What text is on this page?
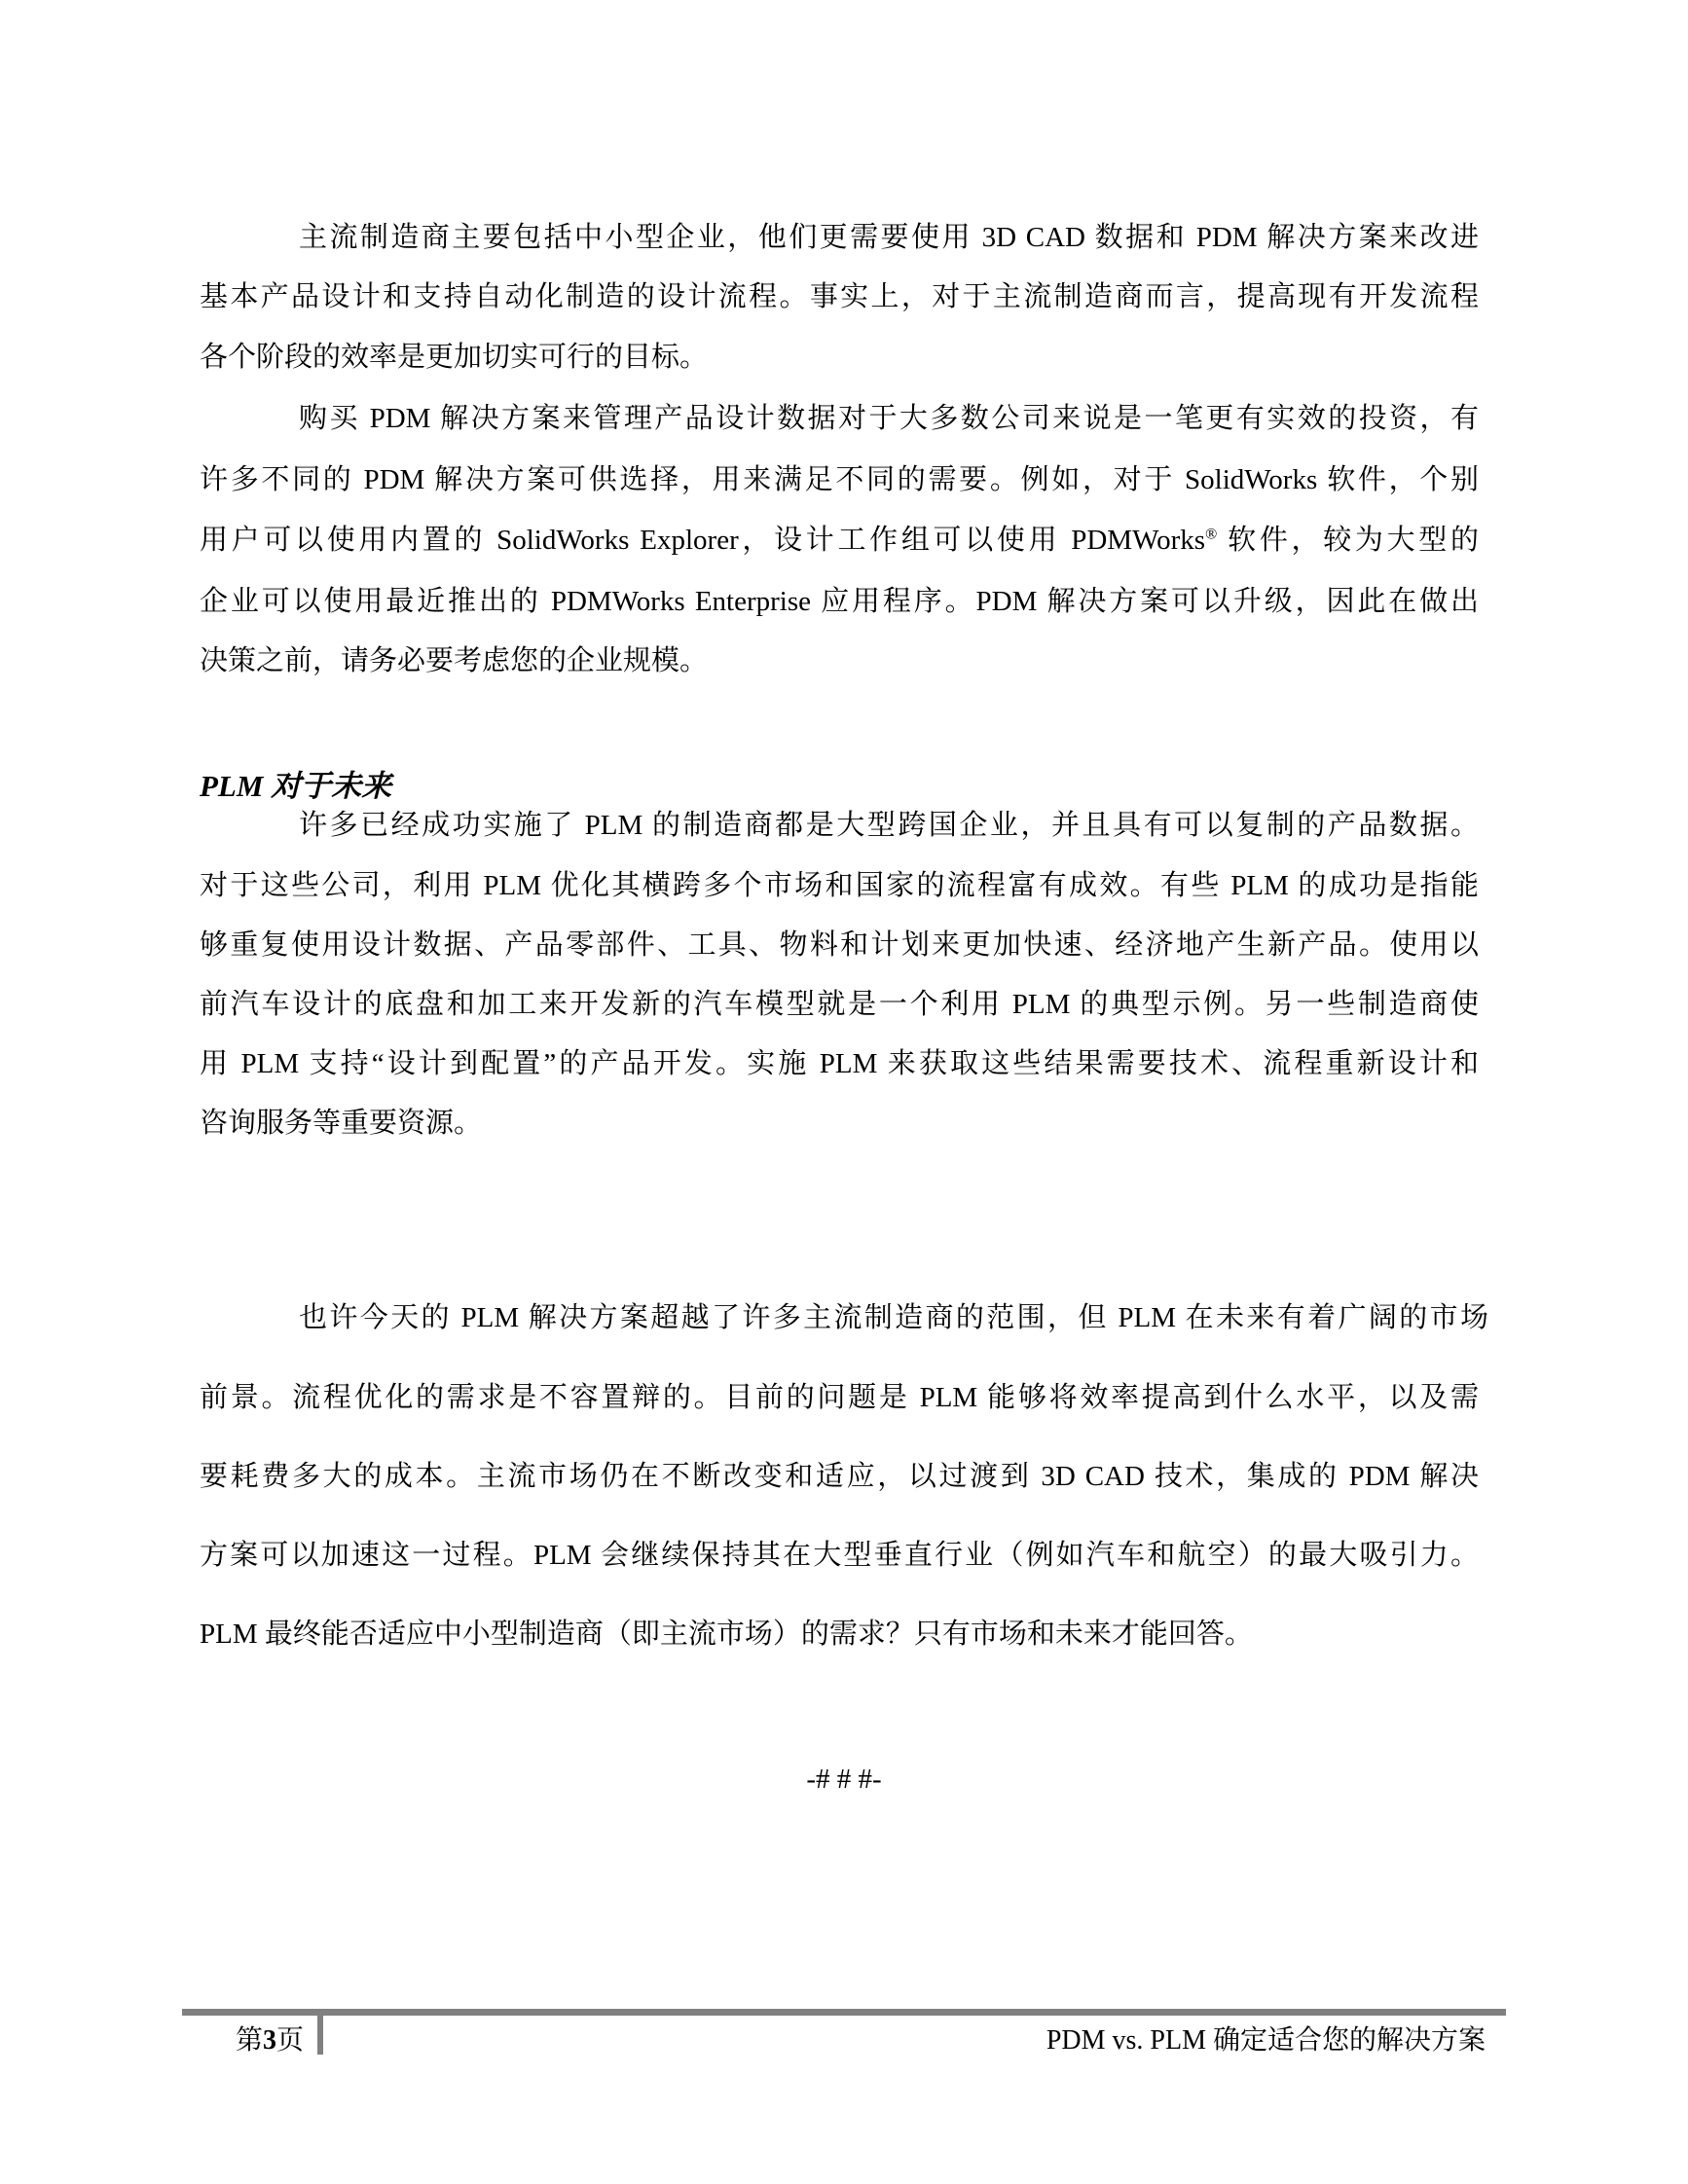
主流制造商主要包括中小型企业，他们更需要使用 3D CAD 数据和 PDM 解决方案来改进
基本产品设计和支持自动化制造的设计流程。事实上，对于主流制造商而言，提高现有开发流程
各个阶段的效率是更加切实可行的目标。
购买 PDM 解决方案来管理产品设计数据对于大多数公司来说是一笔更有实效的投资，有
许多不同的 PDM 解决方案可供选择，用来满足不同的需要。例如，对于 SolidWorks 软件，个别
用户可以使用内置的 SolidWorks Explorer，设计工作组可以使用 PDMWorks® 软件，较为大型的
企业可以使用最近推出的 PDMWorks Enterprise 应用程序。PDM 解决方案可以升级，因此在做出
决策之前，请务必要考虑您的企业规模。
PLM 对于未来
许多已经成功实施了 PLM 的制造商都是大型跨国企业，并且具有可以复制的产品数据。
对于这些公司，利用 PLM 优化其横跨多个市场和国家的流程富有成效。有些 PLM 的成功是指能
够重复使用设计数据、产品零部件、工具、物料和计划来更加快速、经济地产生新产品。使用以
前汽车设计的底盘和加工来开发新的汽车模型就是一个利用 PLM 的典型示例。另一些制造商使
用 PLM 支持“设计到配置”的产品开发。实施 PLM 来获取这些结果需要技术、流程重新设计和
咨询服务等重要资源。
也许今天的 PLM 解决方案超越了许多主流制造商的范围，但 PLM 在未来有着广阔的市场
前景。流程优化的需求是不容置辩的。目前的问题是 PLM 能够将效率提高到什么水平，以及需
要耗费多大的成本。主流市场仍在不断改变和适应，以过渡到 3D CAD 技术，集成的 PDM 解决
方案可以加速这一过程。PLM 会继续保持其在大型垂直行业（例如汽车和航空）的最大吸引力。
PLM 最终能否适应中小型制造商（即主流市场）的需求？只有市场和未来才能回答。
-# # #-
第3页	PDM vs. PLM 确定适合您的解决方案
